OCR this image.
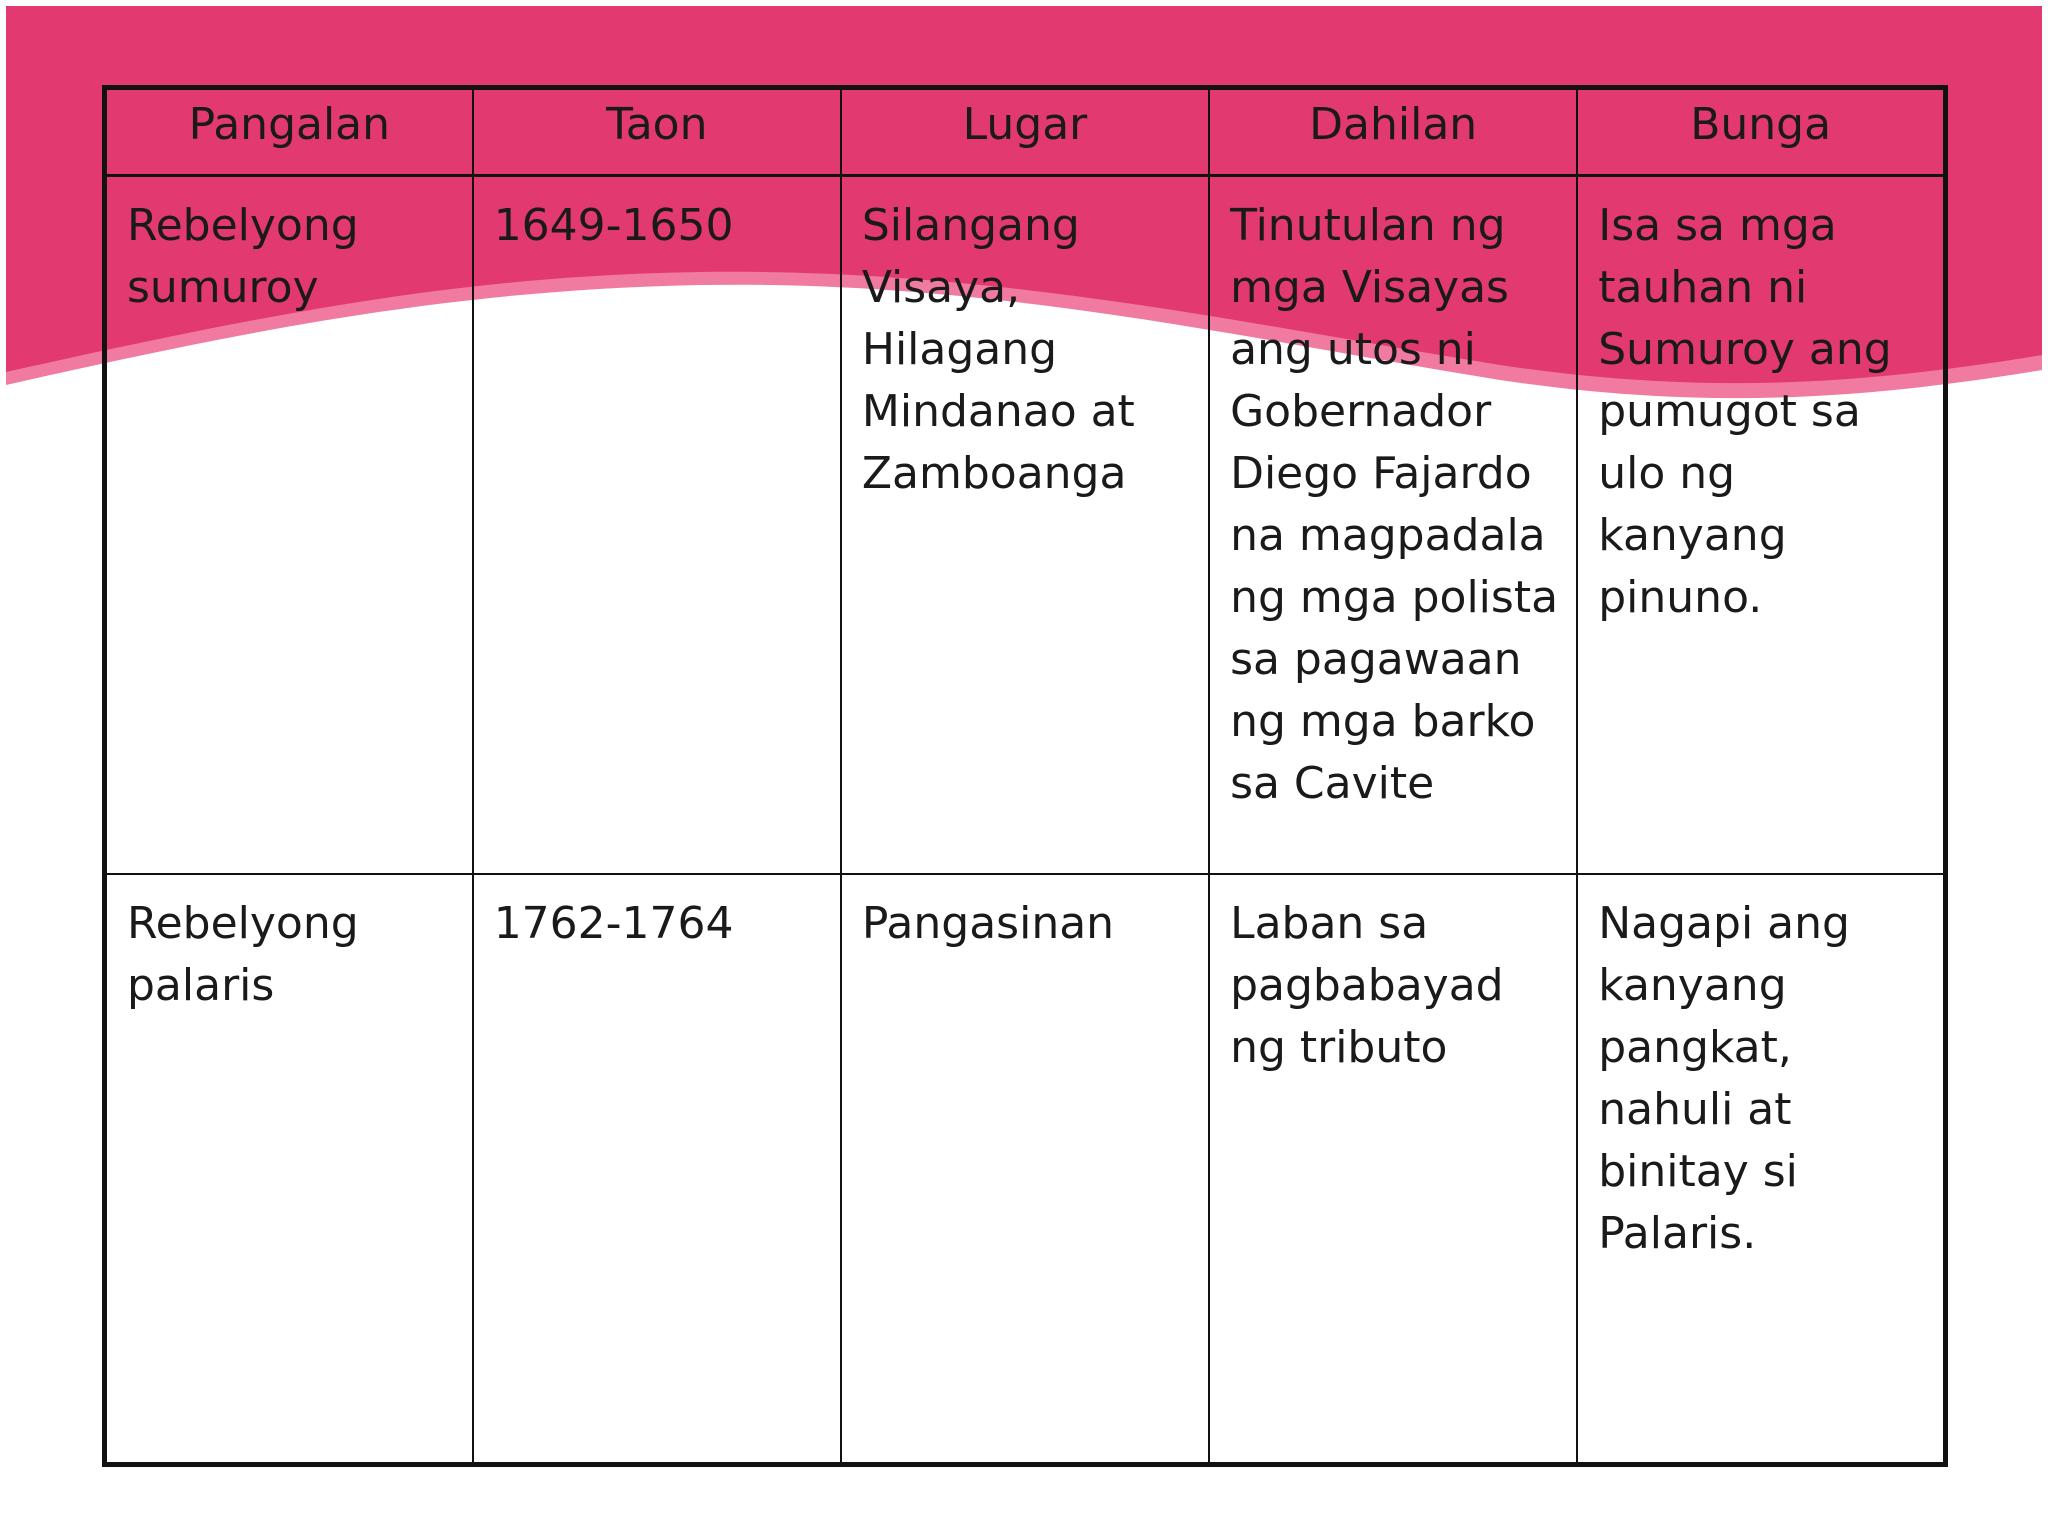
Pangalan	Taon	Lugar	Dahilan	Bunga
Rebelyong sumuroy	1649-1650	Silangang Visaya, Hilagang Mindanao at Zamboanga	Tinutulan ng mga Visayas ang utos ni Gobernador Diego Fajardo na magpadala ng mga polista sa pagawaan ng mga barko sa Cavite	Isa sa mga tauhan ni Sumuroy ang pumugot sa ulo ng kanyang pinuno.
Rebelyong palaris	1762-1764	Pangasinan	Laban sa pagbabayad ng tributo	Nagapi ang kanyang pangkat, nahuli at binitay si Palaris.
